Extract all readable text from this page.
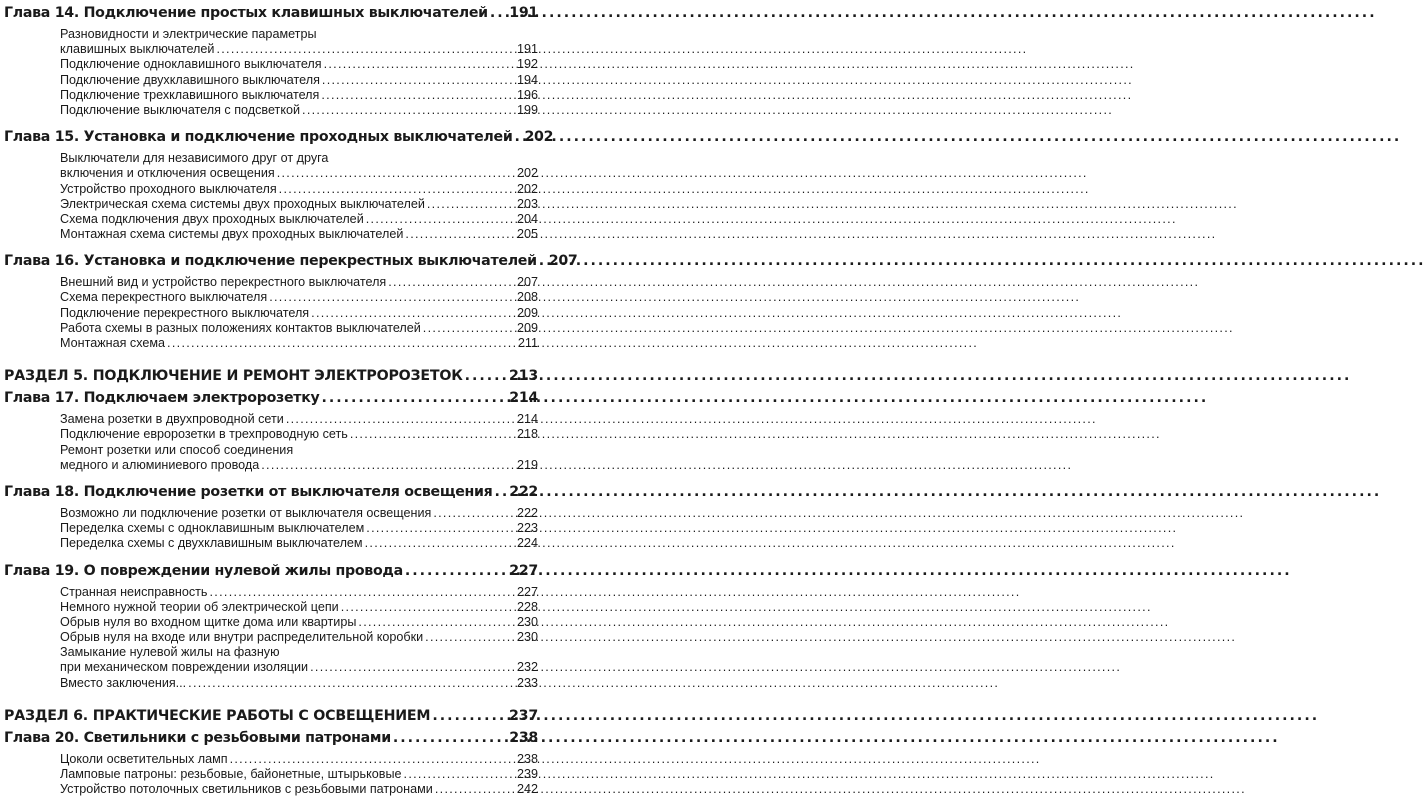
Глава 14. Подключение простых клавишных выключателей ..... 191
Разновидности и электрические параметры
клавишных выключателей .....	191
Подключение одноклавишного выключателя .....	192
Подключение двухклавишного выключателя .....	194
Подключение трехклавишного выключателя .....	196
Подключение выключателя с подсветкой .....	199
Глава 15. Установка и подключение проходных выключателей ..... 202
Выключатели для независимого друг от друга
включения и отключения освещения .....	202
Устройство проходного выключателя .....	202
Электрическая схема системы двух проходных выключателей .....	203
Схема подключения двух проходных выключателей .....	204
Монтажная схема системы двух проходных выключателей .....	205
Глава 16. Установка и подключение перекрестных выключателей ..... 207
Внешний вид и устройство перекрестного выключателя .....	207
Схема перекрестного выключателя .....	208
Подключение перекрестного выключателя .....	209
Работа схемы в разных положениях контактов выключателей .....	209
Монтажная схема .....	211
РАЗДЕЛ 5. ПОДКЛЮЧЕНИЕ И РЕМОНТ ЭЛЕКТРОРОЗЕТОК .....	213
Глава 17. Подключаем электророзетку .....	214
Замена розетки в двухпроводной сети .....	214
Подключение евророзетки в трехпроводную сеть .....	218
Ремонт розетки или способ соединения
медного и алюминиевого провода .....	219
Глава 18. Подключение розетки от выключателя освещения ..... 222
Возможно ли подключение розетки от выключателя освещения .....	222
Переделка схемы с одноклавишным выключателем .....	223
Переделка схемы с двухклавишным выключателем .....	224
Глава 19. О повреждении нулевой жилы провода .....	227
Странная неисправность .....	227
Немного нужной теории об электрической цепи .....	228
Обрыв нуля во входном щитке дома или квартиры .....	230
Обрыв нуля на входе или внутри распределительной коробки .....	230
Замыкание нулевой жилы на фазную
при механическом повреждении изоляции .....	232
Вместо заключения... .....	233
РАЗДЕЛ 6. ПРАКТИЧЕСКИЕ РАБОТЫ С ОСВЕЩЕНИЕМ .....	237
Глава 20. Светильники с резьбовыми патронами .....	238
Цоколи осветительных ламп .....	238
Ламповые патроны: резьбовые, байонетные, штырьковые .....	239
Устройство потолочных светильников с резьбовыми патронами .....	242
